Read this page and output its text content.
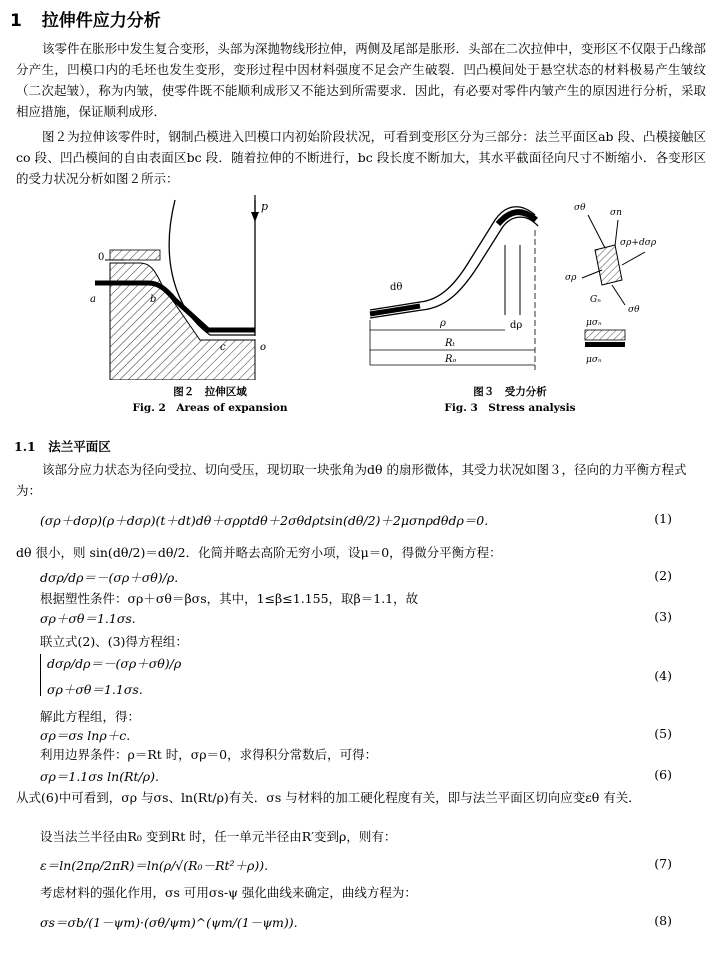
1 拉伸件应力分析
该零件在胀形中发生复合变形，头部为深拋物线形拉伸，两侧及尾部是胀形．头部在二次拉伸中，变形区不仅限于凸缘部分产生，凹模口内的毛坯也发生变形，变形过程中因材料强度不足会产生破裂．凹凸模间处于悬空状态的材料极易产生皱纹（二次起皱），称为内皱，使零件既不能顺利成形又不能达到所需要求．因此，有必要对零件内皱产生的原因进行分析，采取相应措施，保证顺利成形．
图２为拉伸该零件时，钢制凸模进入凹模口内初始阶段状况，可看到变形区分为三部分：法兰平面区ab 段、凸模接触区co 段、凹凸模间的自由表面区bc 段．随着拉伸的不断进行，bc 段长度不断加大，其水平截面径向尺寸不断缩小．各变形区的受力状况分析如图２所示：
p
0
a	b
c	o
图２　拉伸区域
Fig. 2　Areas of expansion
dθ
dρ
ρ
Rₜ
Rₒ
σθ	σn
σρ+dσρ
σρ
Gₙ
σθ
μσₙ
μσₙ
图３　受力分析
Fig. 3　Stress analysis
1.1　法兰平面区
该部分应力状态为径向受拉、切向受压，现切取一块张角为dθ 的扇形微体，其受力状况如图３，径向的力平衡方程式为：
(σρ＋dσρ)(ρ＋dσρ)(t＋dt)dθ＋σρρtdθ＋2σθdρtsin(dθ/2)＋2μσnρdθdρ＝0.	(1)
dθ 很小，则 sin(dθ/2)＝dθ/2．化简并略去高阶无穷小项，设μ＝0，得微分平衡方程：
dσρ/dρ＝－(σρ＋σθ)/ρ.	(2)
根据塑性条件：σρ＋σθ＝βσs，其中，1≤β≤1.155，取β＝1.1，故
σρ＋σθ＝1.1σs.	(3)
联立式(2)、(3)得方程组：
dσρ/dρ＝－(σρ＋σθ)/ρ
σρ＋σθ＝1.1σs.
(4)
解此方程组，得：
σρ＝σs lnρ＋c.	(5)
利用边界条件：ρ＝Rt 时，σρ＝0，求得积分常数后，可得：
σρ＝1.1σs ln(Rt/ρ).	(6)
从式(6)中可看到，σρ 与σs、ln(Rt/ρ)有关．σs 与材料的加工硬化程度有关，即与法兰平面区切向应变εθ 有关．
设当法兰半径由R₀ 变到Rt 时，任一单元半径由R′变到ρ，则有：
ε＝ln(2πρ/2πR)＝ln(ρ/√(R₀－Rt²＋ρ)).	(7)
考虑材料的强化作用，σs 可用σs-ψ 强化曲线来确定，曲线方程为：
σs＝σb/(1－ψm)·(σθ/ψm)^(ψm/(1－ψm)).	(8)
